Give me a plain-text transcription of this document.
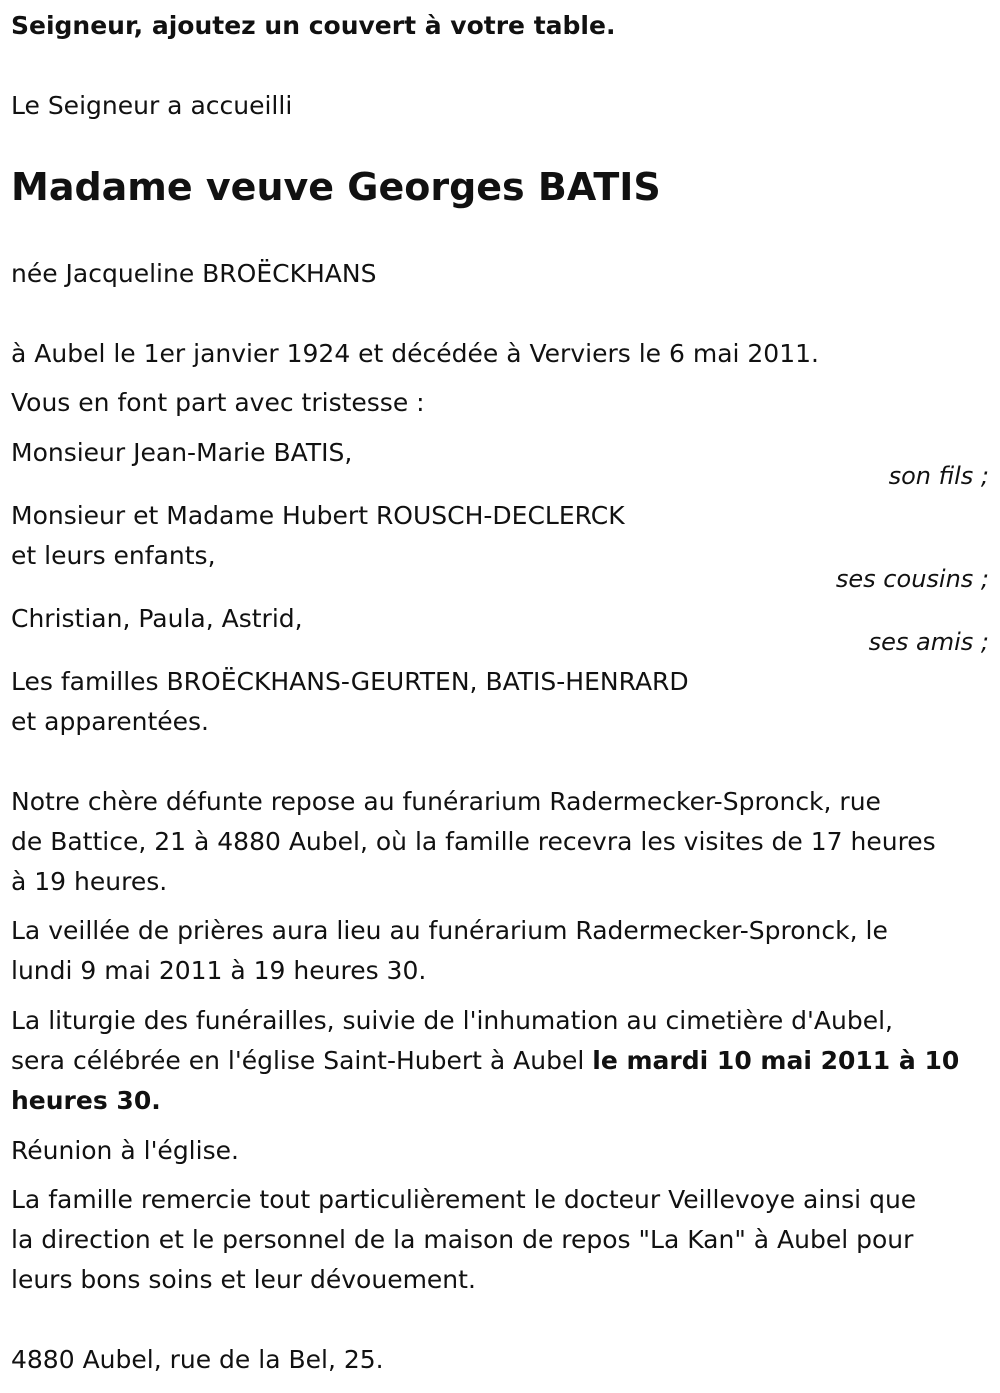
Seigneur, ajoutez un couvert à votre table.
Le Seigneur a accueilli
Madame veuve Georges BATIS
née Jacqueline BROËCKHANS
à Aubel le 1er janvier 1924 et décédée à Verviers le 6 mai 2011.
Vous en font part avec tristesse :
Monsieur Jean-Marie BATIS,
son fils ;
Monsieur et Madame Hubert ROUSCH-DECLERCK
et leurs enfants,
ses cousins ;
Christian, Paula, Astrid,
ses amis ;
Les familles BROËCKHANS-GEURTEN, BATIS-HENRARD
et apparentées.
Notre chère défunte repose au funérarium Radermecker-Spronck, rue
de Battice, 21 à 4880 Aubel, où la famille recevra les visites de 17 heures
à 19 heures.
La veillée de prières aura lieu au funérarium Radermecker-Spronck, le
lundi 9 mai 2011 à 19 heures 30.
La liturgie des funérailles, suivie de l'inhumation au cimetière d'Aubel,
sera célébrée en l'église Saint-Hubert à Aubel le mardi 10 mai 2011 à 10
heures 30.
Réunion à l'église.
La famille remercie tout particulièrement le docteur Veillevoye ainsi que
la direction et le personnel de la maison de repos "La Kan" à Aubel pour
leurs bons soins et leur dévouement.
4880 Aubel, rue de la Bel, 25.
